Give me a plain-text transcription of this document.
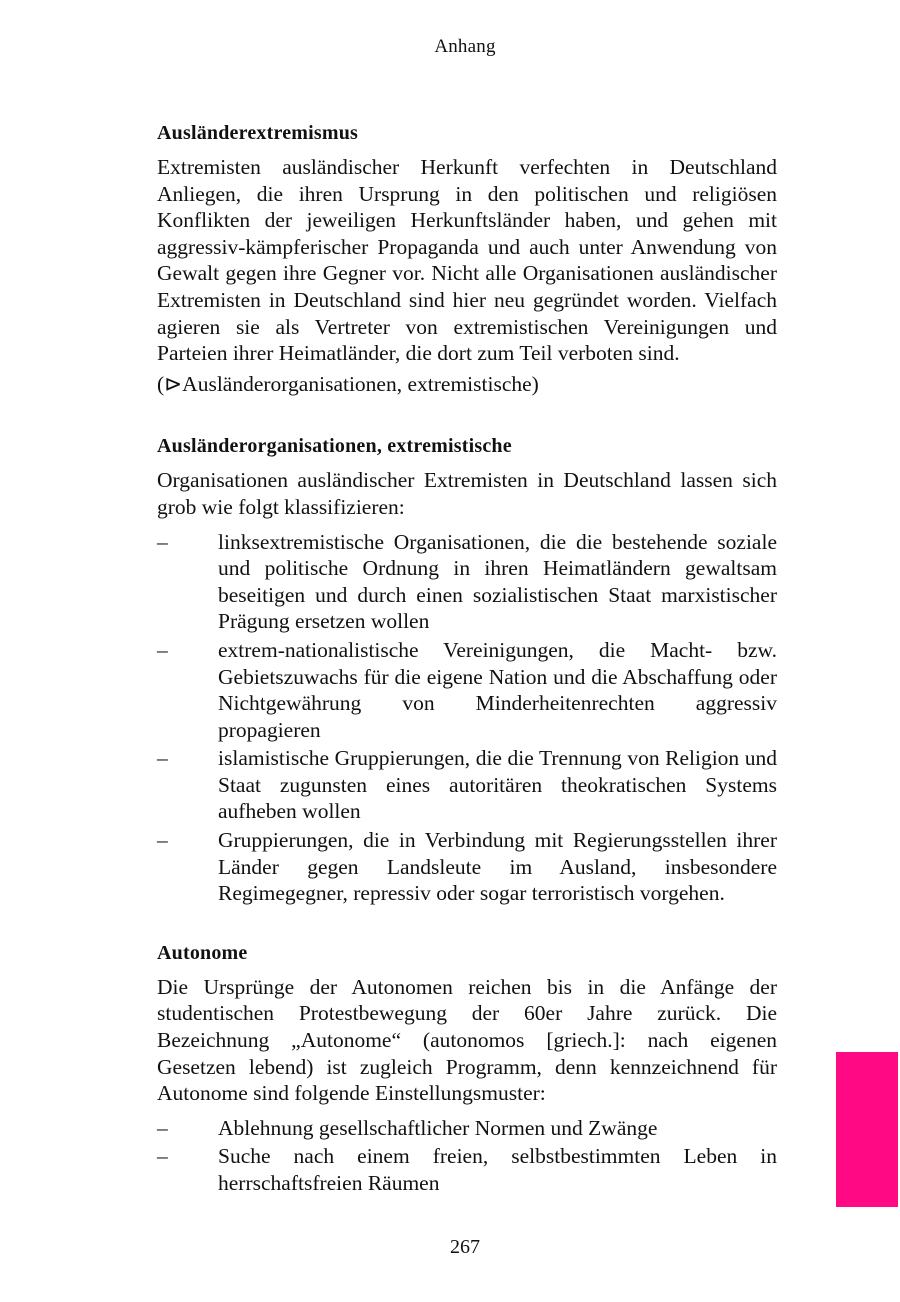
Anhang
Ausländerextremismus

Extremisten ausländischer Herkunft verfechten in Deutschland Anliegen, die ihren Ursprung in den politischen und religiösen Konflikten der jeweiligen Herkunftsländer haben, und gehen mit aggressiv-kämpferischer Propaganda und auch unter Anwendung von Gewalt gegen ihre Gegner vor. Nicht alle Organisationen ausländischer Extremisten in Deutschland sind hier neu gegründet worden. Vielfach agieren sie als Vertreter von extremistischen Vereinigungen und Parteien ihrer Heimatländer, die dort zum Teil verboten sind.

(⊳Ausländerorganisationen, extremistische)

Ausländerorganisationen, extremistische

Organisationen ausländischer Extremisten in Deutschland lassen sich grob wie folgt klassifizieren:

– linksextremistische Organisationen, die die bestehende soziale und politische Ordnung in ihren Heimatländern gewaltsam beseitigen und durch einen sozialistischen Staat marxistischer Prägung ersetzen wollen
– extrem-nationalistische Vereinigungen, die Macht- bzw. Gebietszuwachs für die eigene Nation und die Abschaffung oder Nichtgewährung von Minderheitenrechten aggressiv propagieren
– islamistische Gruppierungen, die die Trennung von Religion und Staat zugunsten eines autoritären theokratischen Systems aufheben wollen
– Gruppierungen, die in Verbindung mit Regierungsstellen ihrer Länder gegen Landsleute im Ausland, insbesondere Regimegegner, repressiv oder sogar terroristisch vorgehen.
Autonome

Die Ursprünge der Autonomen reichen bis in die Anfänge der studentischen Protestbewegung der 60er Jahre zurück. Die Bezeichnung „Autonome“ (autonomos [griech.]: nach eigenen Gesetzen lebend) ist zugleich Programm, denn kennzeichnend für Autonome sind folgende Einstellungsmuster:

– Ablehnung gesellschaftlicher Normen und Zwänge
– Suche nach einem freien, selbstbestimmten Leben in herrschaftsfreien Räumen
267
